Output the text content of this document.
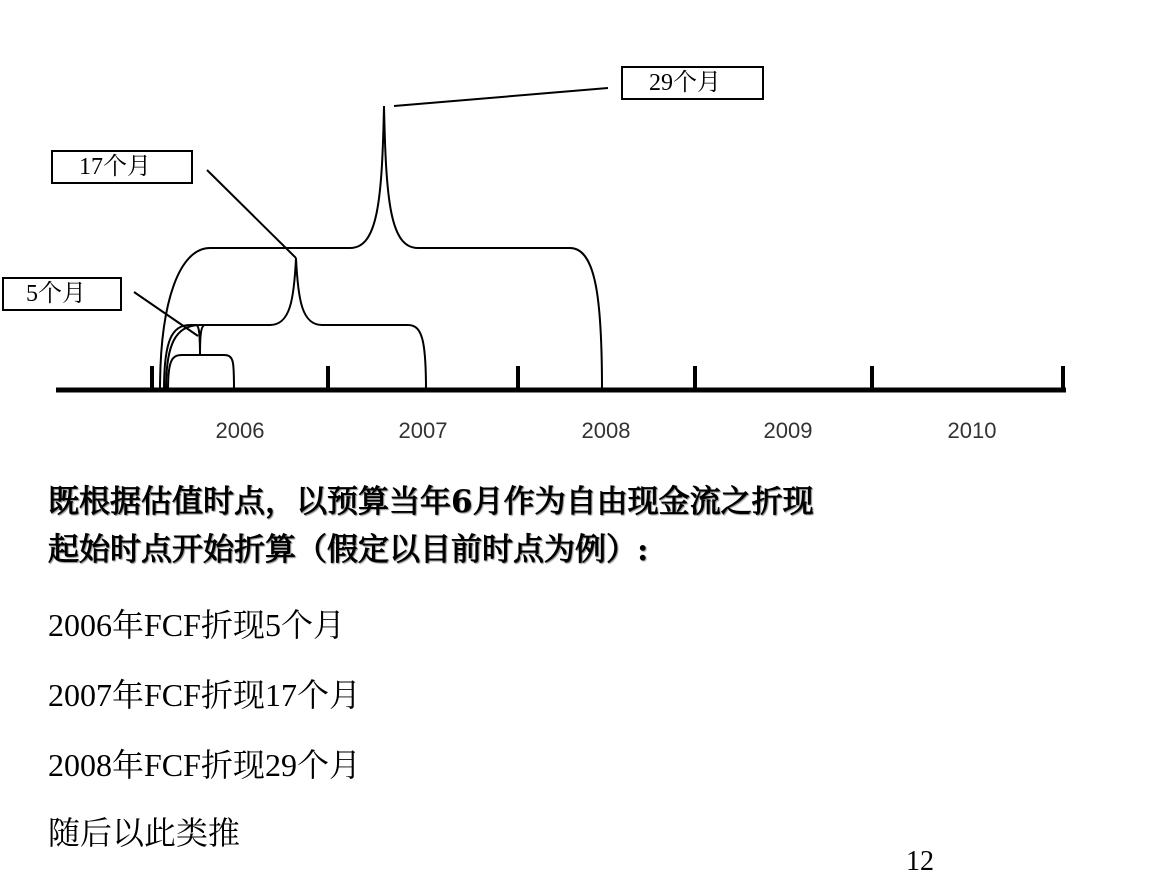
5个月
17个月
29个月
2006	2007	2008	2009	2010
既根据估值时点，以预算当年6月作为自由现金流之折现
起始时点开始折算（假定以目前时点为例）:
2006年FCF折现5个月
2007年FCF折现17个月
2008年FCF折现29个月
随后以此类推
12
